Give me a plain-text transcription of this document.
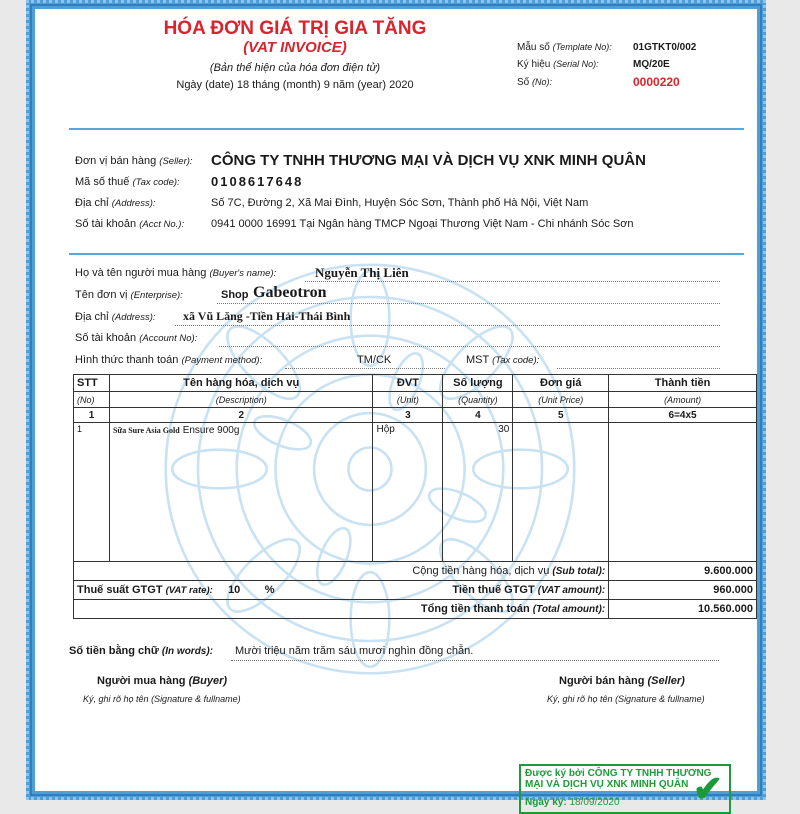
HÓA ĐƠN GIÁ TRỊ GIA TĂNG
(VAT INVOICE)
(Bản thể hiện của hóa đơn điện tử)
Ngày (date) 18 tháng (month) 9 năm (year) 2020
Mẫu số (Template No): 01GTKT0/002
Ký hiệu (Serial No):	MQ/20E
Số (No):	0000220
Đơn vị bán hàng (Seller): CÔNG TY TNHH THƯƠNG MẠI VÀ DỊCH VỤ XNK MINH QUÂN
Mã số thuế (Tax code): 0108617648
Địa chỉ (Address):	Số 7C, Đường 2, Xã Mai Đình, Huyện Sóc Sơn, Thành phố Hà Nội, Việt Nam
Số tài khoản (Acct No.): 0941 0000 16991 Tại Ngân hàng TMCP Ngoại Thương Việt Nam - Chi nhánh Sóc Sơn
Họ và tên người mua hàng (Buyer's name):	Nguyễn Thị Liên
Tên đơn vị (Enterprise):	Shop Gabeotron
Địa chỉ (Address): xã Vũ Lăng -Tiền Hải-Thái Bình
Số tài khoản (Account No):
Hình thức thanh toán (Payment method):	TM/CK	MST (Tax code):
STT	Tên hàng hóa, dịch vụ	ĐVT	Số lượng	Đơn giá	Thành tiền
(No)	(Description)	(Unit)	(Quantity)	(Unit Price)	(Amount)
1	2	3	4	5	6=4x5
1	Sữa Sure Asia Gold Ensure 900g	Hộp	30		
Cộng tiền hàng hóa, dịch vụ (Sub total):					9.600.000
Thuế suất GTGT (VAT rate): 10 %			Tiền thuế GTGT (VAT amount):		960.000
Tổng tiền thanh toán (Total amount):					10.560.000
Số tiền bằng chữ (In words): Mười triệu năm trăm sáu mươi nghìn đồng chẵn.
Người mua hàng (Buyer)
Ký, ghi rõ họ tên (Signature & fullname)
Người bán hàng (Seller)
Ký, ghi rõ họ tên (Signature & fullname)
Được ký bởi CÔNG TY TNHH THƯƠNG
MẠI VÀ DỊCH VỤ XNK MINH QUÂN
Ngày ký: 18/09/2020	✔
